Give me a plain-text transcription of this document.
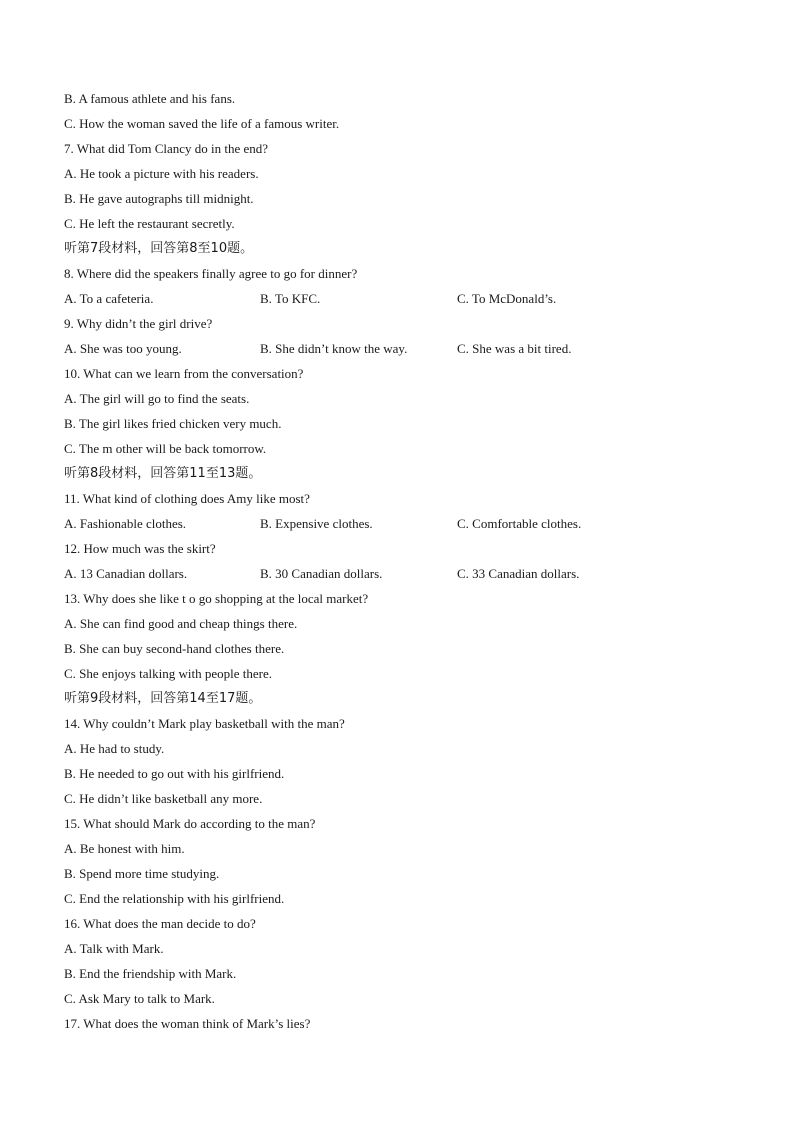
B. A famous athlete and his fans.
C. How the woman saved the life of a famous writer.
7. What did Tom Clancy do in the end?
A. He took a picture with his readers.
B. He gave autographs till midnight.
C. He left the restaurant secretly.
听第7段材料，回答第8至10题。
8. Where did the speakers finally agree to go for dinner?
A. To a cafeteria.	B. To KFC.	C. To McDonald’s.
9. Why didn’t the girl drive?
A. She was too young.	B. She didn’t know the way.	C. She was a bit tired.
10. What can we learn from the conversation?
A. The girl will go to find the seats.
B. The girl likes fried chicken very much.
C. The m other will be back tomorrow.
听第8段材料，回答第11至13题。
11. What kind of clothing does Amy like most?
A. Fashionable clothes.	B. Expensive clothes.	C. Comfortable clothes.
12. How much was the skirt?
A. 13 Canadian dollars.	B. 30 Canadian dollars.	C. 33 Canadian dollars.
13. Why does she like t o go shopping at the local market?
A. She can find good and cheap things there.
B. She can buy second-hand clothes there.
C. She enjoys talking with people there.
听第9段材料，回答第14至17题。
14. Why couldn’t Mark play basketball with the man?
A. He had to study.
B. He needed to go out with his girlfriend.
C. He didn’t like basketball any more.
15. What should Mark do according to the man?
A. Be honest with him.
B. Spend more time studying.
C. End the relationship with his girlfriend.
16. What does the man decide to do?
A. Talk with Mark.
B. End the friendship with Mark.
C. Ask Mary to talk to Mark.
17. What does the woman think of Mark’s lies?
